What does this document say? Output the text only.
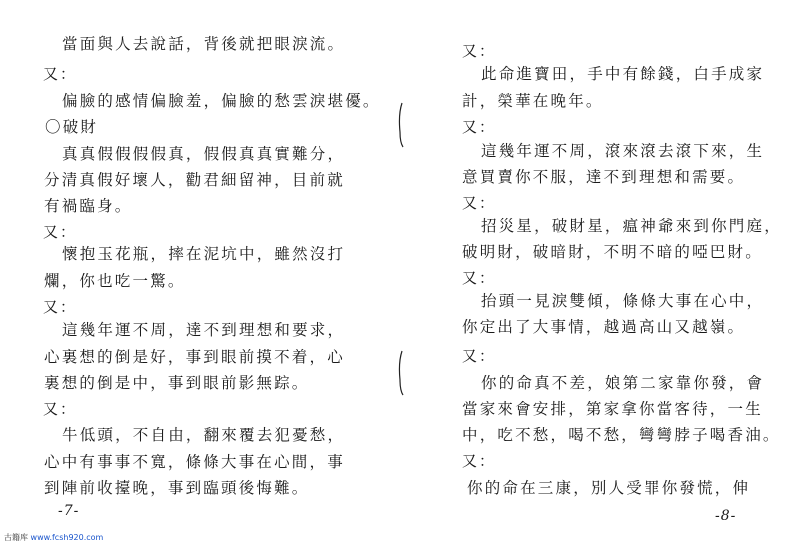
當面與人去說話，背後就把眼淚流。
又：
偏臉的感情偏臉羞，偏臉的愁雲淚堪優。
〇破財
真真假假假假真，假假真真實難分，
分清真假好壞人，勸君細留神，目前就
有禍臨身。
又：
懷抱玉花瓶，摔在泥坑中，雖然沒打
爛，你也吃一驚。
又：
這幾年運不周，達不到理想和要求，
心裏想的倒是好，事到眼前摸不着，心
裏想的倒是中，事到眼前影無踪。
又：
牛低頭，不自由，翻來覆去犯憂愁，
心中有事事不寬，條條大事在心間，事
到陣前收擡晚，事到臨頭後悔難。
-7-
又：
此命進寶田，手中有餘錢，白手成家
計，榮華在晚年。
又：
這幾年運不周，滾來滾去滾下來，生
意買賣你不服，達不到理想和需要。
又：
招災星，破財星，瘟神爺來到你門庭，
破明財，破暗財，不明不暗的啞巴財。
又：
抬頭一見淚雙傾，條條大事在心中，
你定出了大事情，越過高山又越嶺。
又：
你的命真不差，娘第二家靠你發，會
當家來會安排，第家拿你當客待，一生
中，吃不愁，喝不愁，彎彎脖子喝香油。
又：
你的命在三康，別人受罪你發慌，伸
-8-
古籍库 www.fcsh920.com
